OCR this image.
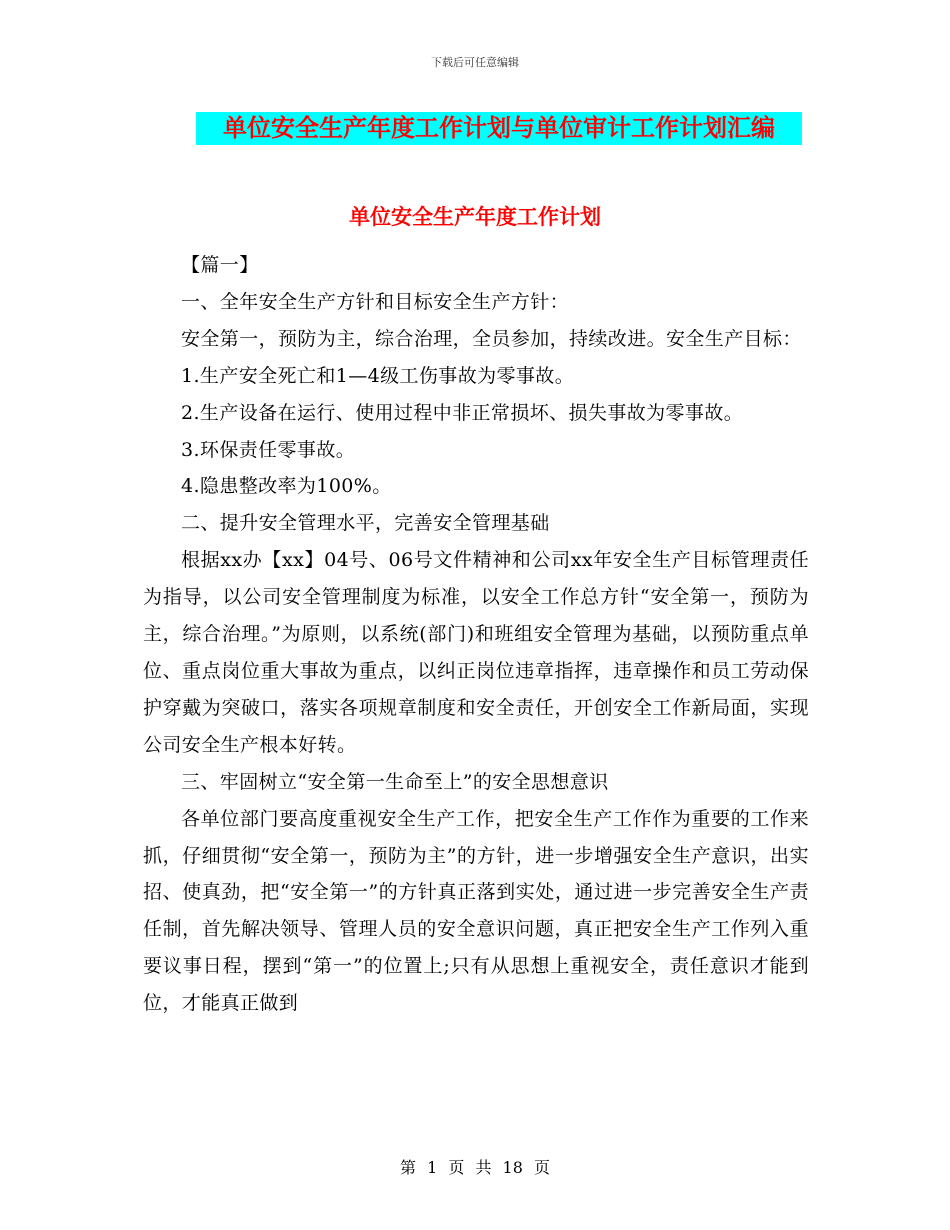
下载后可任意编辑
单位安全生产年度工作计划与单位审计工作计划汇编
单位安全生产年度工作计划

【篇一】

一、全年安全生产方针和目标安全生产方针：

安全第一，预防为主，综合治理，全员参加，持续改进。安全生产目标：

1.生产安全死亡和1—4级工伤事故为零事故。

2.生产设备在运行、使用过程中非正常损坏、损失事故为零事故。

3.环保责任零事故。

4.隐患整改率为100%。

二、提升安全管理水平，完善安全管理基础

根据xx办【xx】04号、06号文件精神和公司xx年安全生产目标管理责任为指导，以公司安全管理制度为标准，以安全工作总方针“安全第一，预防为主，综合治理。”为原则，以系统(部门)和班组安全管理为基础，以预防重点单位、重点岗位重大事故为重点，以纠正岗位违章指挥，违章操作和员工劳动保护穿戴为突破口，落实各项规章制度和安全责任，开创安全工作新局面，实现公司安全生产根本好转。

三、牢固树立“安全第一生命至上”的安全思想意识

各单位部门要高度重视安全生产工作，把安全生产工作作为重要的工作来抓，仔细贯彻“安全第一，预防为主”的方针，进一步增强安全生产意识，出实招、使真劲，把“安全第一”的方针真正落到实处，通过进一步完善安全生产责任制，首先解决领导、管理人员的安全意识问题，真正把安全生产工作列入重要议事日程，摆到“第一”的位置上;只有从思想上重视安全，责任意识才能到位，才能真正做到

第 1 页 共 18 页
